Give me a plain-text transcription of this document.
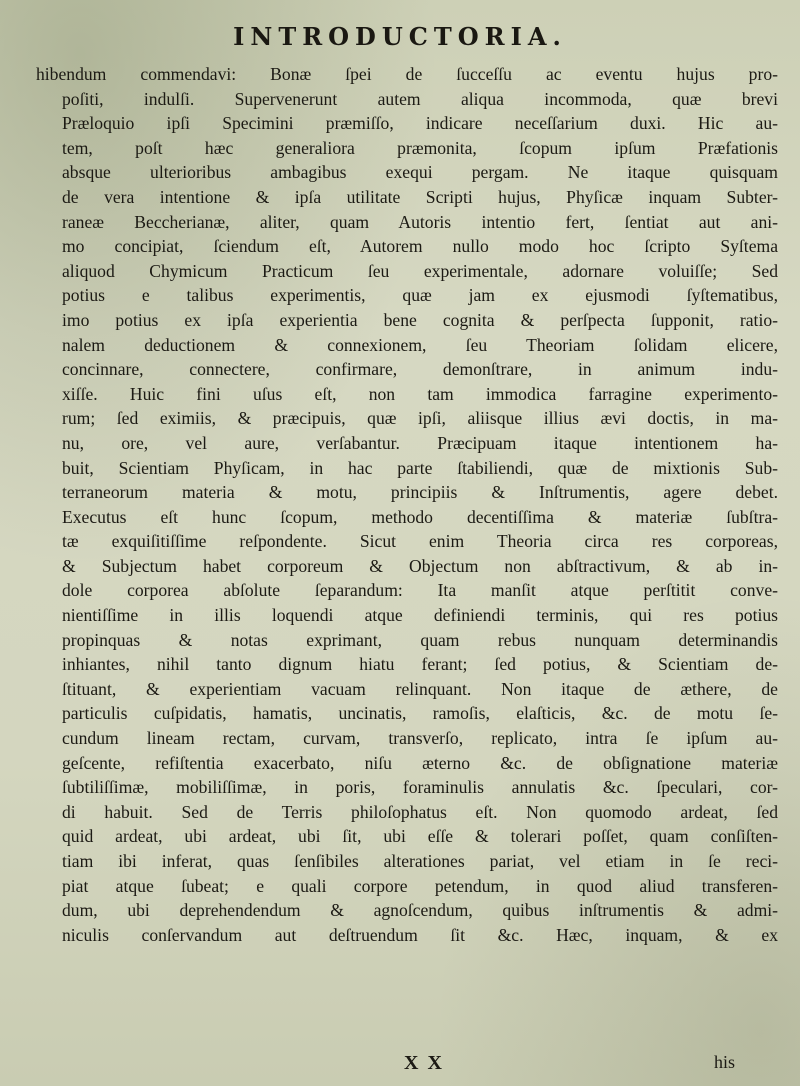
INTRODUCTORIA.
hibendum commendavi: Bonæ ſpei de ſucceſſu ac eventu hujus pro-
poſiti, indulſi. Supervenerunt autem aliqua incommoda, quæ brevi
Præloquio ipſi Specimini præmiſſo, indicare neceſſarium duxi. Hic au-
tem, poſt hæc generaliora præmonita, ſcopum ipſum Præfationis
absque ulterioribus ambagibus exequi pergam. Ne itaque quisquam
de vera intentione & ipſa utilitate Scripti hujus, Phyſicæ inquam Subter-
raneæ Beccherianæ, aliter, quam Autoris intentio fert, ſentiat aut ani-
mo concipiat, ſciendum eſt, Autorem nullo modo hoc ſcripto Syſtema
aliquod Chymicum Practicum ſeu experimentale, adornare voluiſſe; Sed
potius e talibus experimentis, quæ jam ex ejusmodi ſyſtematibus,
imo potius ex ipſa experientia bene cognita & perſpecta ſupponit, ratio-
nalem deductionem & connexionem, ſeu Theoriam ſolidam elicere,
concinnare, connectere, confirmare, demonſtrare, in animum indu-
xiſſe. Huic fini uſus eſt, non tam immodica farragine experimento-
rum; ſed eximiis, & præcipuis, quæ ipſi, aliisque illius ævi doctis, in ma-
nu, ore, vel aure, verſabantur. Præcipuam itaque intentionem ha-
buit, Scientiam Phyſicam, in hac parte ſtabiliendi, quæ de mixtionis Sub-
terraneorum materia & motu, principiis & Inſtrumentis, agere debet.
Executus eſt hunc ſcopum, methodo decentiſſima & materiæ ſubſtra-
tæ exquiſitiſſime reſpondente. Sicut enim Theoria circa res corporeas,
& Subjectum habet corporeum & Objectum non abſtractivum, & ab in-
dole corporea abſolute ſeparandum: Ita manſit atque perſtitit conve-
nientiſſime in illis loquendi atque definiendi terminis, qui res potius
propinquas & notas exprimant, quam rebus nunquam determinandis
inhiantes, nihil tanto dignum hiatu ferant; ſed potius, & Scientiam de-
ſtituant, & experientiam vacuam relinquant. Non itaque de æthere, de
particulis cuſpidatis, hamatis, uncinatis, ramoſis, elaſticis, &c. de motu ſe-
cundum lineam rectam, curvam, transverſo, replicato, intra ſe ipſum au-
geſcente, refiſtentia exacerbato, niſu æterno &c. de obſignatione materiæ
ſubtiliſſimæ, mobiliſſimæ, in poris, foraminulis annulatis &c. ſpeculari, cor-
di habuit. Sed de Terris philoſophatus eſt. Non quomodo ardeat, ſed
quid ardeat, ubi ardeat, ubi ſit, ubi eſſe & tolerari poſſet, quam conſiſten-
tiam ibi inferat, quas ſenſibiles alterationes pariat, vel etiam in ſe reci-
piat atque ſubeat; e quali corpore petendum, in quod aliud transferen-
dum, ubi deprehendendum & agnoſcendum, quibus inſtrumentis & admi-
niculis conſervandum aut deſtruendum ſit &c. Hæc, inquam, & ex
X X	his
